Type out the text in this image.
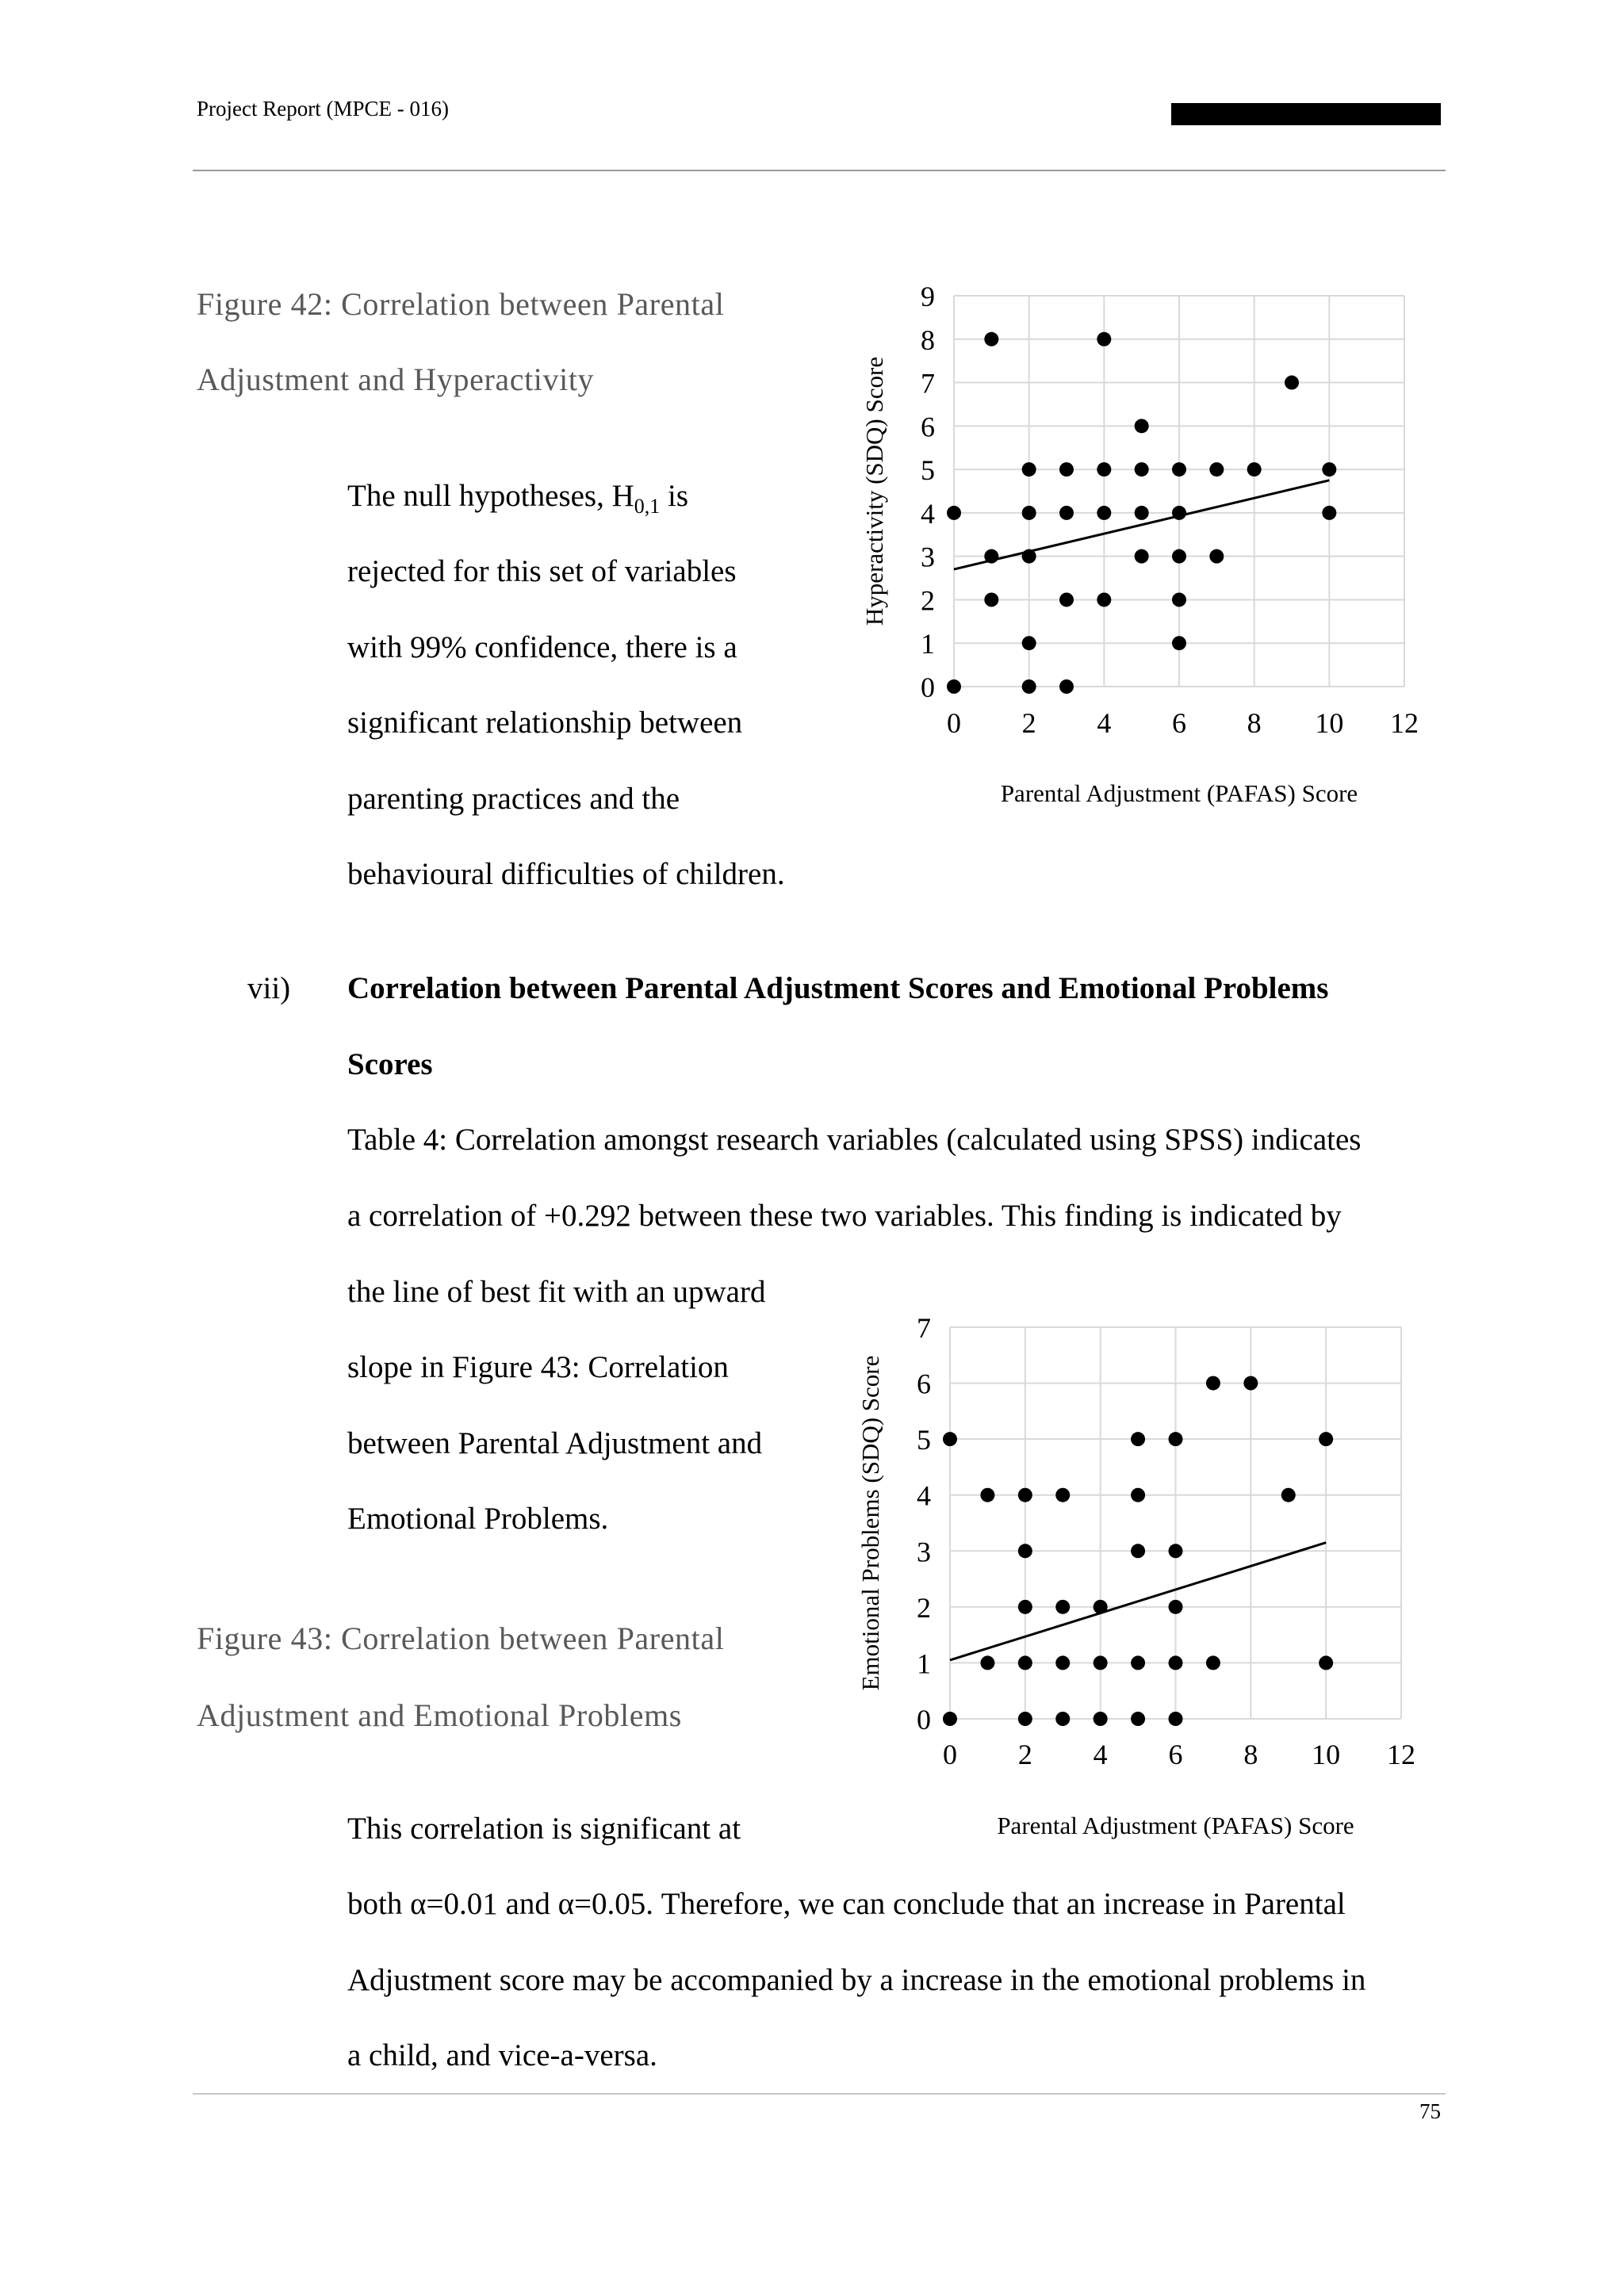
Project Report (MPCE - 016)
Figure 42: Correlation between Parental
Adjustment and Hyperactivity
The null hypotheses, $H_{0,1}$ is
rejected for this set of variables
with 99% confidence, there is a
significant relationship between
parenting practices and the
behavioural difficulties of children.
vii) Correlation between Parental Adjustment Scores and Emotional Problems
Scores
Table 4: Correlation amongst research variables (calculated using SPSS) indicates
a correlation of +0.292 between these two variables. This finding is indicated by
the line of best fit with an upward
slope in Figure 43: Correlation
between Parental Adjustment and
Emotional Problems.
Figure 43: Correlation between Parental
Adjustment and Emotional Problems
This correlation is significant at
both α=0.01 and α=0.05. Therefore, we can conclude that an increase in Parental
Adjustment score may be accompanied by a increase in the emotional problems in
a child, and vice-a-versa.
75
0
1
2
3
4
5
6
7
8
9
0 2 4 6 8 10 12
Parental Adjustment (PAFAS) Score
Hyperactivity (SDQ) Score
0
1
2
3
4
5
6
7
0 2 4 6 8 10 12
Parental Adjustment (PAFAS) Score
Emotional Problems (SDQ) Score
